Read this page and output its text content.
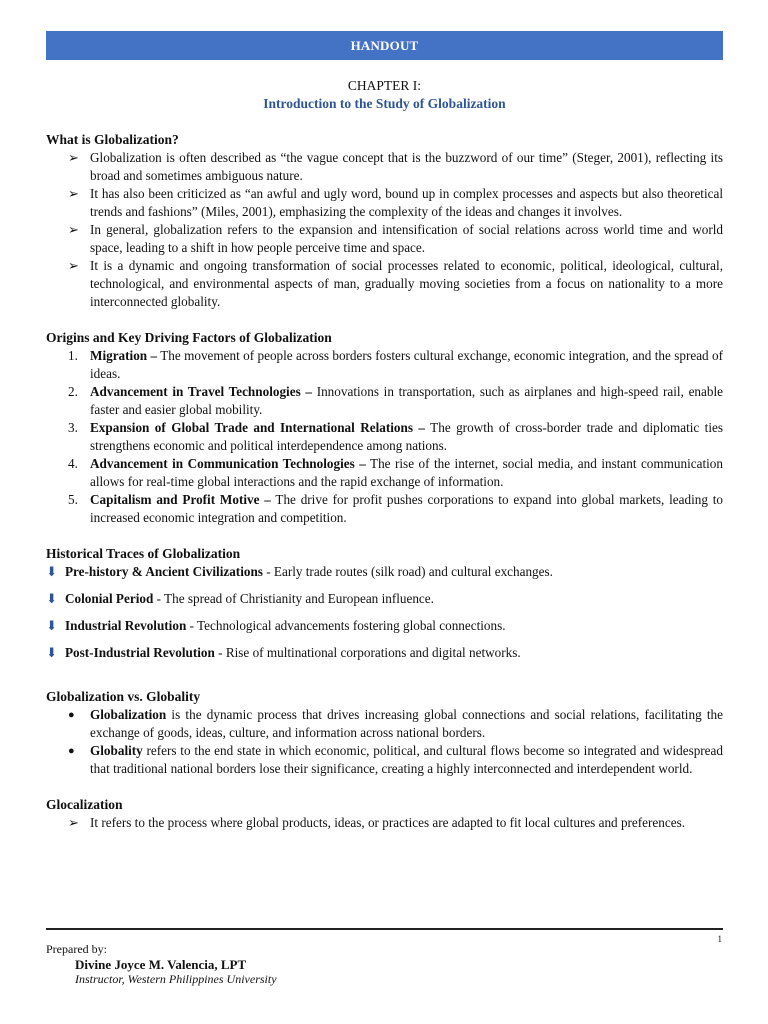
HANDOUT
CHAPTER I:
Introduction to the Study of Globalization
What is Globalization?
➢ Globalization is often described as “the vague concept that is the buzzword of our time” (Steger, 2001), reflecting its broad and sometimes ambiguous nature.
➢ It has also been criticized as “an awful and ugly word, bound up in complex processes and aspects but also theoretical trends and fashions” (Miles, 2001), emphasizing the complexity of the ideas and changes it involves.
➢ In general, globalization refers to the expansion and intensification of social relations across world time and world space, leading to a shift in how people perceive time and space.
➢ It is a dynamic and ongoing transformation of social processes related to economic, political, ideological, cultural, technological, and environmental aspects of man, gradually moving societies from a focus on nationality to a more interconnected globality.
Origins and Key Driving Factors of Globalization
1. Migration – The movement of people across borders fosters cultural exchange, economic integration, and the spread of ideas.
2. Advancement in Travel Technologies – Innovations in transportation, such as airplanes and high-speed rail, enable faster and easier global mobility.
3. Expansion of Global Trade and International Relations – The growth of cross-border trade and diplomatic ties strengthens economic and political interdependence among nations.
4. Advancement in Communication Technologies – The rise of the internet, social media, and instant communication allows for real-time global interactions and the rapid exchange of information.
5. Capitalism and Profit Motive – The drive for profit pushes corporations to expand into global markets, leading to increased economic integration and competition.
Historical Traces of Globalization
⬇ Pre-history & Ancient Civilizations - Early trade routes (silk road) and cultural exchanges.
⬇ Colonial Period - The spread of Christianity and European influence.
⬇ Industrial Revolution - Technological advancements fostering global connections.
⬇ Post-Industrial Revolution - Rise of multinational corporations and digital networks.
Globalization vs. Globality
●	Globalization is the dynamic process that drives increasing global connections and social relations, facilitating the exchange of goods, ideas, culture, and information across national borders.
●	Globality refers to the end state in which economic, political, and cultural flows become so integrated and widespread that traditional national borders lose their significance, creating a highly interconnected and interdependent world.
Glocalization
➢ It refers to the process where global products, ideas, or practices are adapted to fit local cultures and preferences.
1
Prepared by:
Divine Joyce M. Valencia, LPT
Instructor, Western Philippines University
